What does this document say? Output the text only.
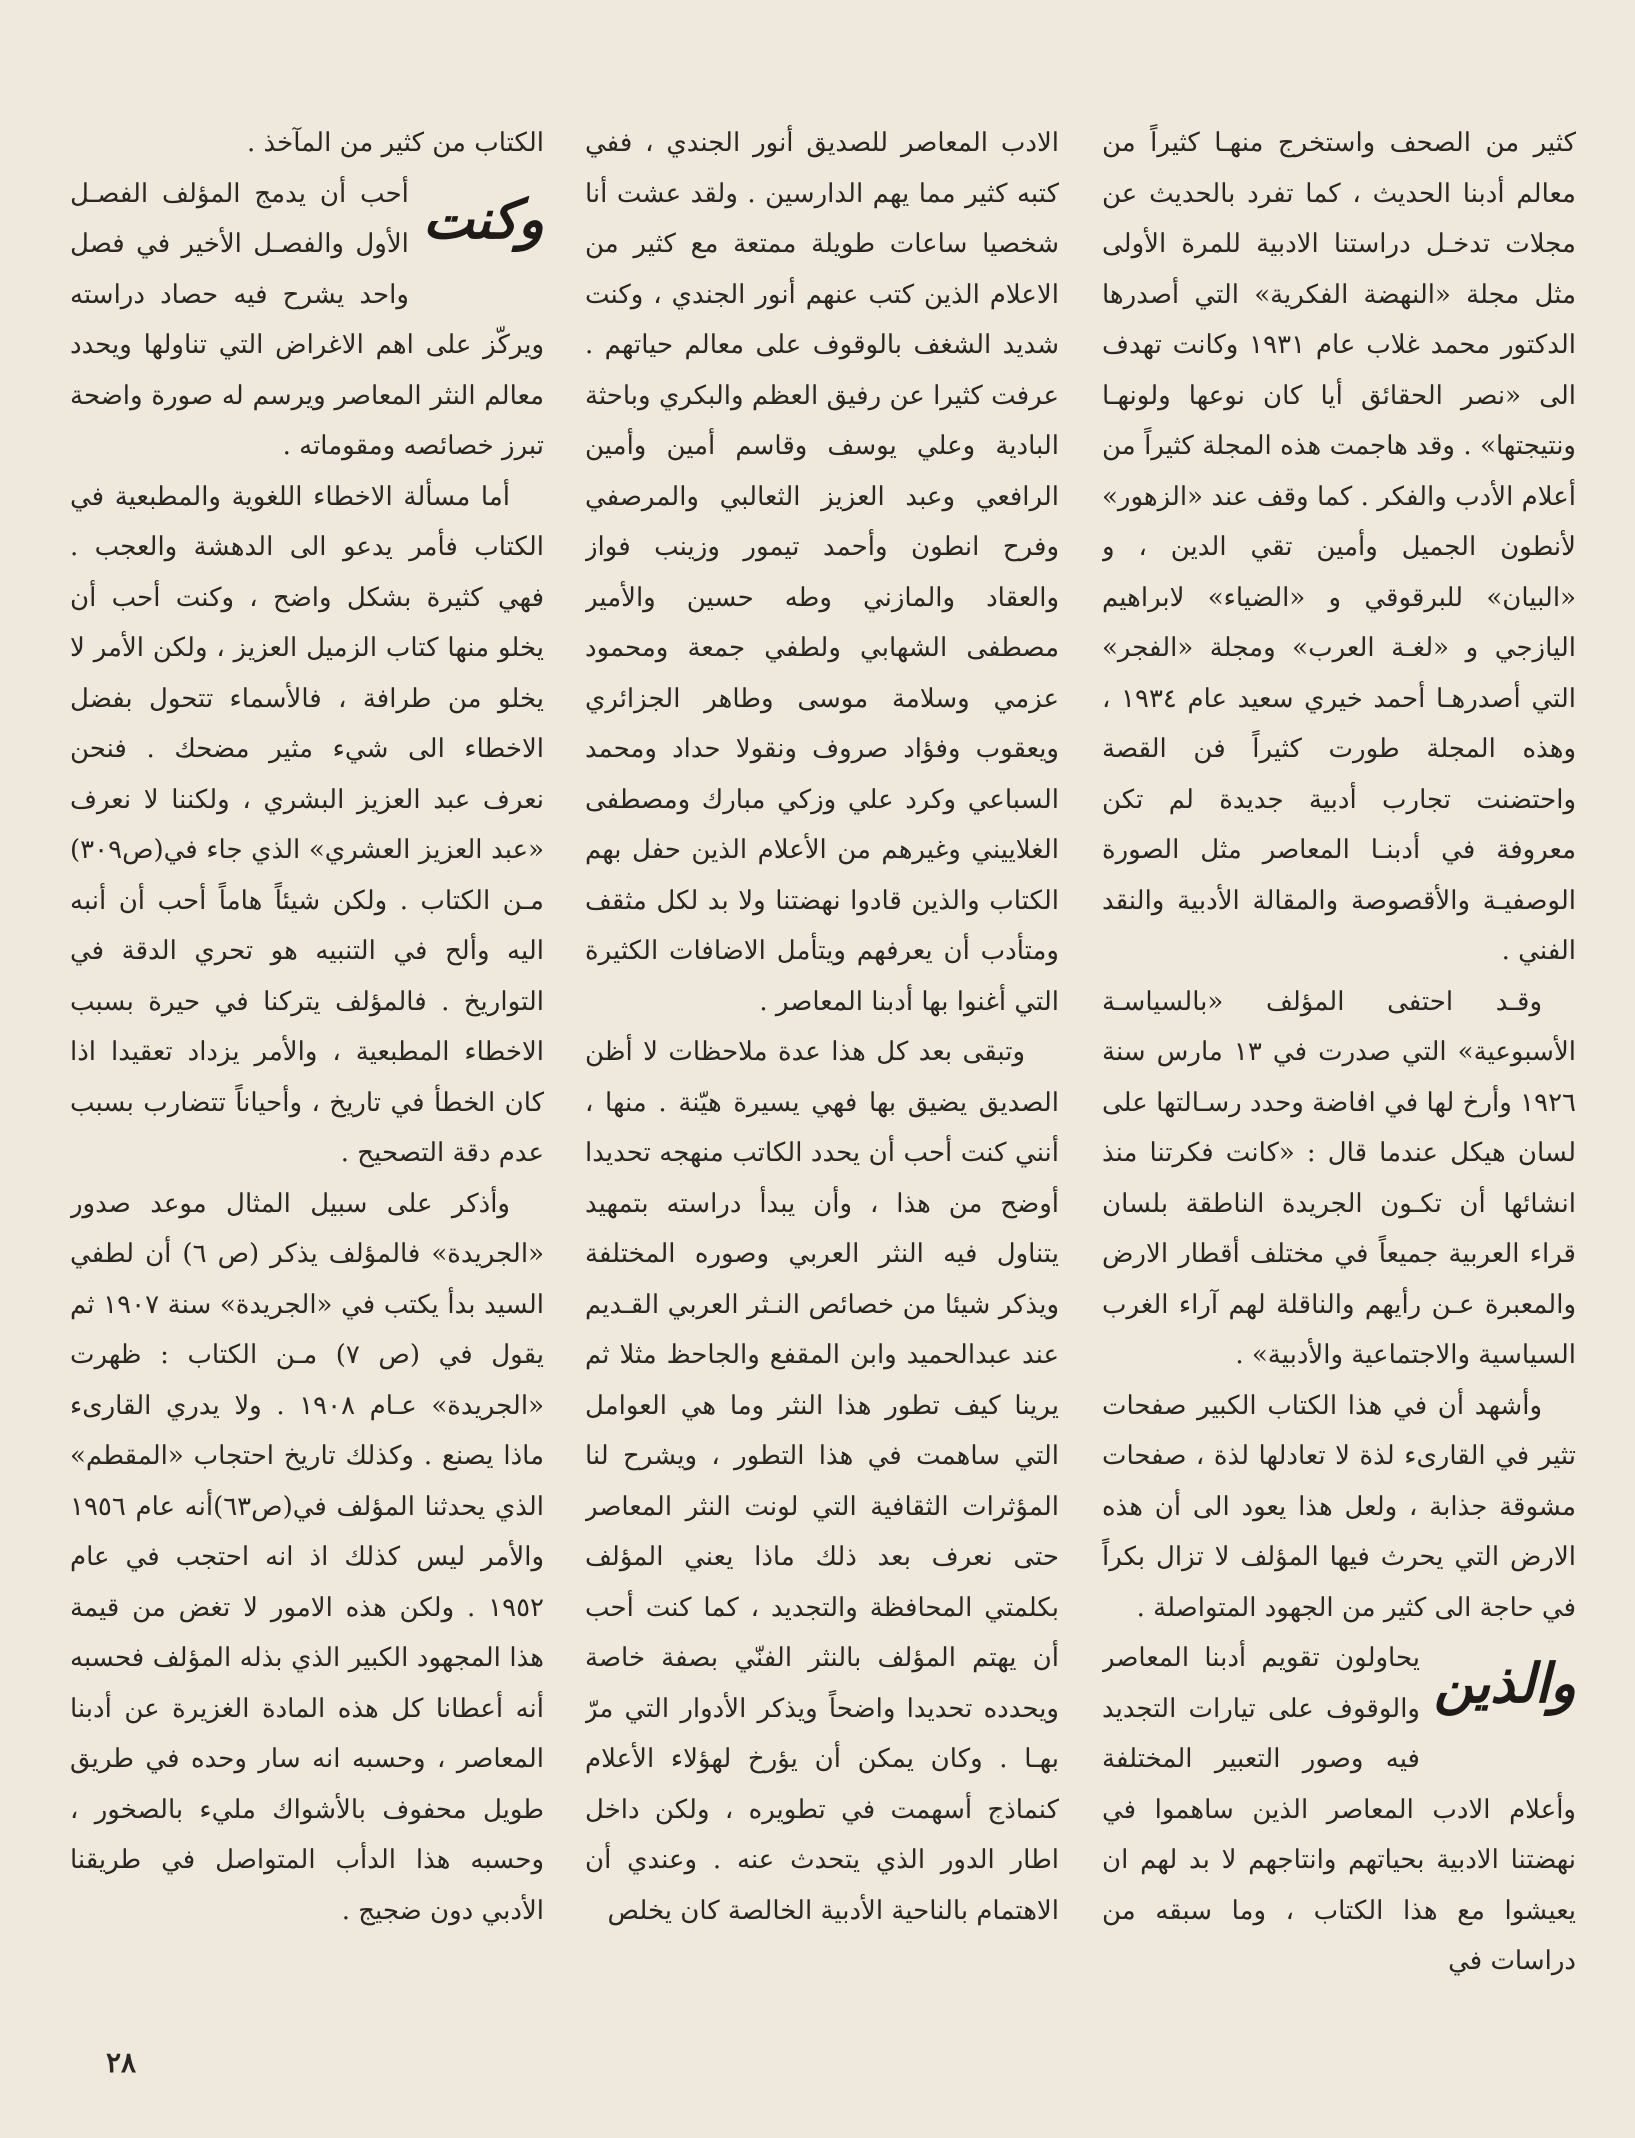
كثير من الصحف واستخرج منهـا كثيراً من معالم أدبنا الحديث ، كما تفرد بالحديث عن مجلات تدخـل دراستنا الادبية للمرة الأولى مثل مجلة «النهضة الفكرية» التي أصدرها الدكتور محمد غلاب عام ١٩٣١ وكانت تهدف الى «نصر الحقائق أيا كان نوعها ولونهـا ونتيجتها» . وقد هاجمت هذه المجلة كثيراً من أعلام الأدب والفكر . كما وقف عند «الزهور» لأنطون الجميل وأمين تقي الدين ، و «البيان» للبرقوقي و «الضياء» لابراهيم اليازجي و «لغـة العرب» ومجلة «الفجر» التي أصدرهـا أحمد خيري سعيد عام ١٩٣٤ ، وهذه المجلة طورت كثيراً فن القصة واحتضنت تجارب أدبية جديدة لم تكن معروفة في أدبنـا المعاصر مثل الصورة الوصفيـة والأقصوصة والمقالة الأدبية والنقد الفني .

وقـد احتفى المؤلف «بالسياسـة الأسبوعية» التي صدرت في ١٣ مارس سنة ١٩٢٦ وأرخ لها في افاضة وحدد رسـالتها على لسان هيكل عندما قال : «كانت فكرتنا منذ انشائها أن تكـون الجريدة الناطقة بلسان قراء العربية جميعاً في مختلف أقطار الارض والمعبرة عـن رأيهم والناقلة لهم آراء الغرب السياسية والاجتماعية والأدبية» .

وأشهد أن في هذا الكتاب الكبير صفحات تثير في القارىء لذة لا تعادلها لذة ، صفحات مشوقة جذابة ، ولعل هذا يعود الى أن هذه الارض التي يحرث فيها المؤلف لا تزال بكراً في حاجة الى كثير من الجهود المتواصلة .

والذين
يحاولون تقويم أدبنا المعاصر والوقوف على تيارات التجديد فيه وصور التعبير المختلفة وأعلام الادب المعاصر الذين ساهموا في نهضتنا الادبية بحياتهم وانتاجهم لا بد لهم ان يعيشوا مع هذا الكتاب ، وما سبقه من دراسات في

الادب المعاصر للصديق أنور الجندي ، ففي كتبه كثير مما يهم الدارسين . ولقد عشت أنا شخصيا ساعات طويلة ممتعة مع كثير من الاعلام الذين كتب عنهم أنور الجندي ، وكنت شديد الشغف بالوقوف على معالم حياتهم . عرفت كثيرا عن رفيق العظم والبكري وباحثة البادية وعلي يوسف وقاسم أمين وأمين الرافعي وعبد العزيز الثعالبي والمرصفي وفرح انطون وأحمد تيمور وزينب فواز والعقاد والمازني وطه حسين والأمير مصطفى الشهابي ولطفي جمعة ومحمود عزمي وسلامة موسى وطاهر الجزائري ويعقوب وفؤاد صروف ونقولا حداد ومحمد السباعي وكرد علي وزكي مبارك ومصطفى الغلاييني وغيرهم من الأعلام الذين حفل بهم الكتاب والذين قادوا نهضتنا ولا بد لكل مثقف ومتأدب أن يعرفهم ويتأمل الاضافات الكثيرة التي أغنوا بها أدبنا المعاصر .

وتبقى بعد كل هذا عدة ملاحظات لا أظن الصديق يضيق بها فهي يسيرة هيّنة . منها ، أنني كنت أحب أن يحدد الكاتب منهجه تحديدا أوضح من هذا ، وأن يبدأ دراسته بتمهيد يتناول فيه النثر العربي وصوره المختلفة ويذكر شيئا من خصائص النـثر العربي القـديم عند عبدالحميد وابن المقفع والجاحظ مثلا ثم يرينا كيف تطور هذا النثر وما هي العوامل التي ساهمت في هذا التطور ، ويشرح لنا المؤثرات الثقافية التي لونت النثر المعاصر حتى نعرف بعد ذلك ماذا يعني المؤلف بكلمتي المحافظة والتجديد ، كما كنت أحب أن يهتم المؤلف بالنثر الفنّي بصفة خاصة ويحدده تحديدا واضحاً ويذكر الأدوار التي مرّ بهـا . وكان يمكن أن يؤرخ لهؤلاء الأعلام كنماذج أسهمت في تطويره ، ولكن داخل اطار الدور الذي يتحدث عنه . وعندي أن الاهتمام بالناحية الأدبية الخالصة كان يخلص

الكتاب من كثير من المآخذ .

وكنت
أحب أن يدمج المؤلف الفصـل الأول والفصـل الأخير في فصل واحد يشرح فيه حصاد دراسته ويركّز على اهم الاغراض التي تناولها ويحدد معالم النثر المعاصر ويرسم له صورة واضحة تبرز خصائصه ومقوماته .

أما مسألة الاخطاء اللغوية والمطبعية في الكتاب فأمر يدعو الى الدهشة والعجب . فهي كثيرة بشكل واضح ، وكنت أحب أن يخلو منها كتاب الزميل العزيز ، ولكن الأمر لا يخلو من طرافة ، فالأسماء تتحول بفضل الاخطاء الى شيء مثير مضحك . فنحن نعرف عبد العزيز البشري ، ولكننا لا نعرف «عبد العزيز العشري» الذي جاء في(ص٣٠٩) مـن الكتاب . ولكن شيئاً هاماً أحب أن أنبه اليه وألح في التنبيه هو تحري الدقة في التواريخ . فالمؤلف يتركنا في حيرة بسبب الاخطاء المطبعية ، والأمر يزداد تعقيدا اذا كان الخطأ في تاريخ ، وأحياناً تتضارب بسبب عدم دقة التصحيح .

وأذكر على سبيل المثال موعد صدور «الجريدة» فالمؤلف يذكر (ص ٦) أن لطفي السيد بدأ يكتب في «الجريدة» سنة ١٩٠٧ ثم يقول في (ص ٧) مـن الكتاب : ظهرت «الجريدة» عـام ١٩٠٨ . ولا يدري القارىء ماذا يصنع . وكذلك تاريخ احتجاب «المقطم» الذي يحدثنا المؤلف في(ص٦٣)أنه عام ١٩٥٦ والأمر ليس كذلك اذ انه احتجب في عام ١٩٥٢ . ولكن هذه الامور لا تغض من قيمة هذا المجهود الكبير الذي بذله المؤلف فحسبه أنه أعطانا كل هذه المادة الغزيرة عن أدبنا المعاصر ، وحسبه انه سار وحده في طريق طويل محفوف بالأشواك مليء بالصخور ، وحسبه هذا الدأب المتواصل في طريقنا الأدبي دون ضجيج .

٢٨
